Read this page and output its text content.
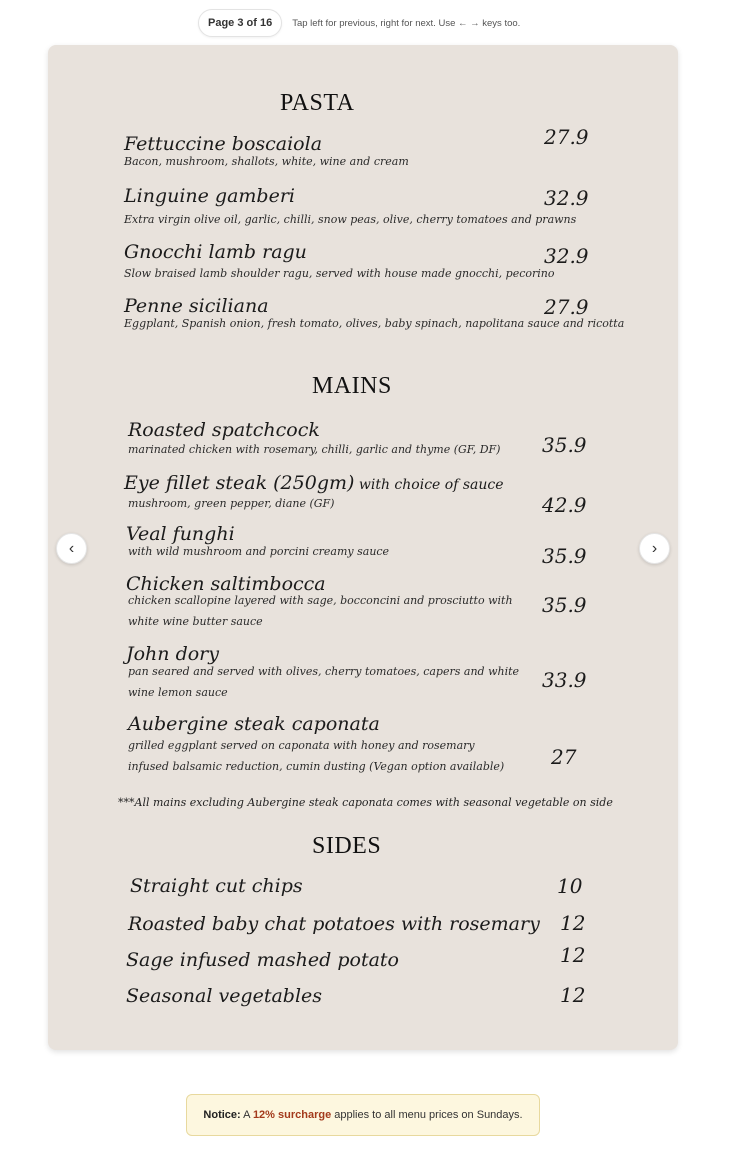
Page 3 of 16	Tap left for previous, right for next. Use ← → keys too.
PASTA
Fettuccine boscaiola
Bacon, mushroom, shallots, white, wine and cream
27.9
Linguine gamberi
Extra virgin olive oil, garlic, chilli, snow peas, olive, cherry tomatoes and prawns
32.9
Gnocchi lamb ragu
Slow braised lamb shoulder ragu, served with house made gnocchi, pecorino
32.9
Penne siciliana
Eggplant, Spanish onion, fresh tomato, olives, baby spinach, napolitana sauce and ricotta
27.9
MAINS
Roasted spatchcock
marinated chicken with rosemary, chilli, garlic and thyme (GF, DF) 35.9
Eye fillet steak (250gm) with choice of sauce
mushroom, green pepper, diane (GF)	42.9
Veal funghi
with wild mushroom and porcini creamy sauce	35.9
Chicken saltimbocca
chicken scallopine layered with sage, bocconcini and prosciutto with white wine butter sauce
35.9
John dory
pan seared and served with olives, cherry tomatoes, capers and white wine lemon sauce
33.9
Aubergine steak caponata
grilled eggplant served on caponata with honey and rosemary infused balsamic reduction, cumin dusting (Vegan option available)	27
***All mains excluding Aubergine steak caponata comes with seasonal vegetable on side
SIDES
Straight cut chips	10
Roasted baby chat potatoes with rosemary 12
Sage infused mashed potato	12
Seasonal vegetables	12
‹	›
Notice: A 12% surcharge applies to all menu prices on Sundays.
